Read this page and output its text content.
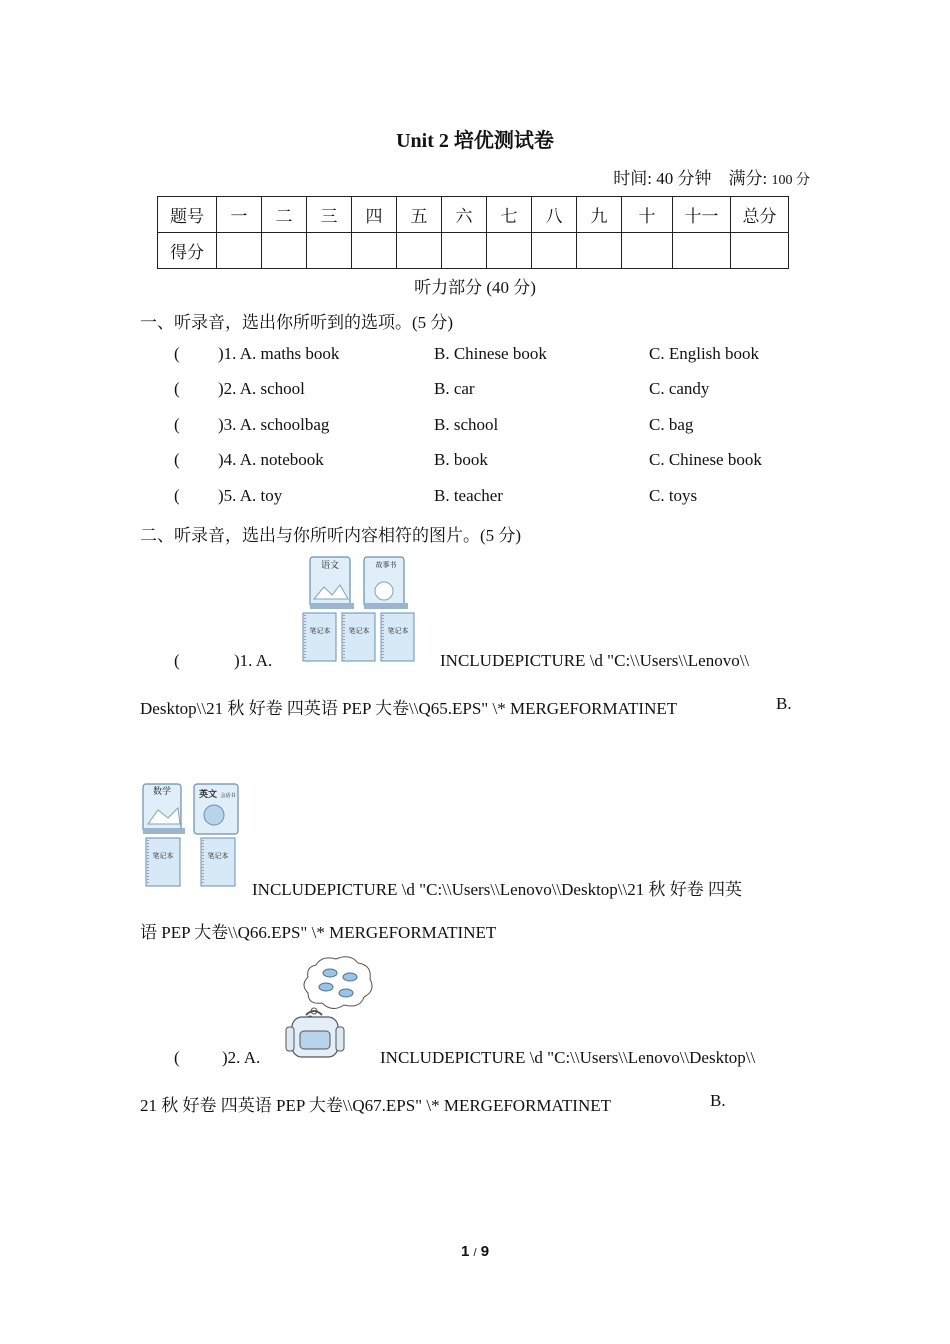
Unit 2 培优测试卷
时间: 40 分钟 满分: 100 分
题号	一	二	三	四	五	六	七	八	九	十	十一	总分
得分												
听力部分 (40 分)
一、听录音，选出你所听到的选项。(5 分)
( )1. A. maths book	B. Chinese book	C. English book
( )2. A. school	B. car	C. candy
( )3. A. schoolbag	B. school	C. bag
( )4. A. notebook	B. book	C. Chinese book
( )5. A. toy	B. teacher	C. toys
二、听录音，选出与你所听内容相符的图片。(5 分)
语文	故事书
笔记本	笔记本	笔记本
(	)1. A.	INCLUDEPICTURE \d "C:\\Users\\Lenovo\\
Desktop\\21 秋 好卷 四英语 PEP 大卷\\Q65.EPS" \* MERGEFORMATINET	B.
数学	英文 会话书
笔记本	笔记本
INCLUDEPICTURE \d "C:\\Users\\Lenovo\\Desktop\\21 秋 好卷 四英
语 PEP 大卷\\Q66.EPS" \* MERGEFORMATINET
( )2. A.	INCLUDEPICTURE \d "C:\\Users\\Lenovo\\Desktop\\
21 秋 好卷 四英语 PEP 大卷\\Q67.EPS" \* MERGEFORMATINET	B.
1 / 9
